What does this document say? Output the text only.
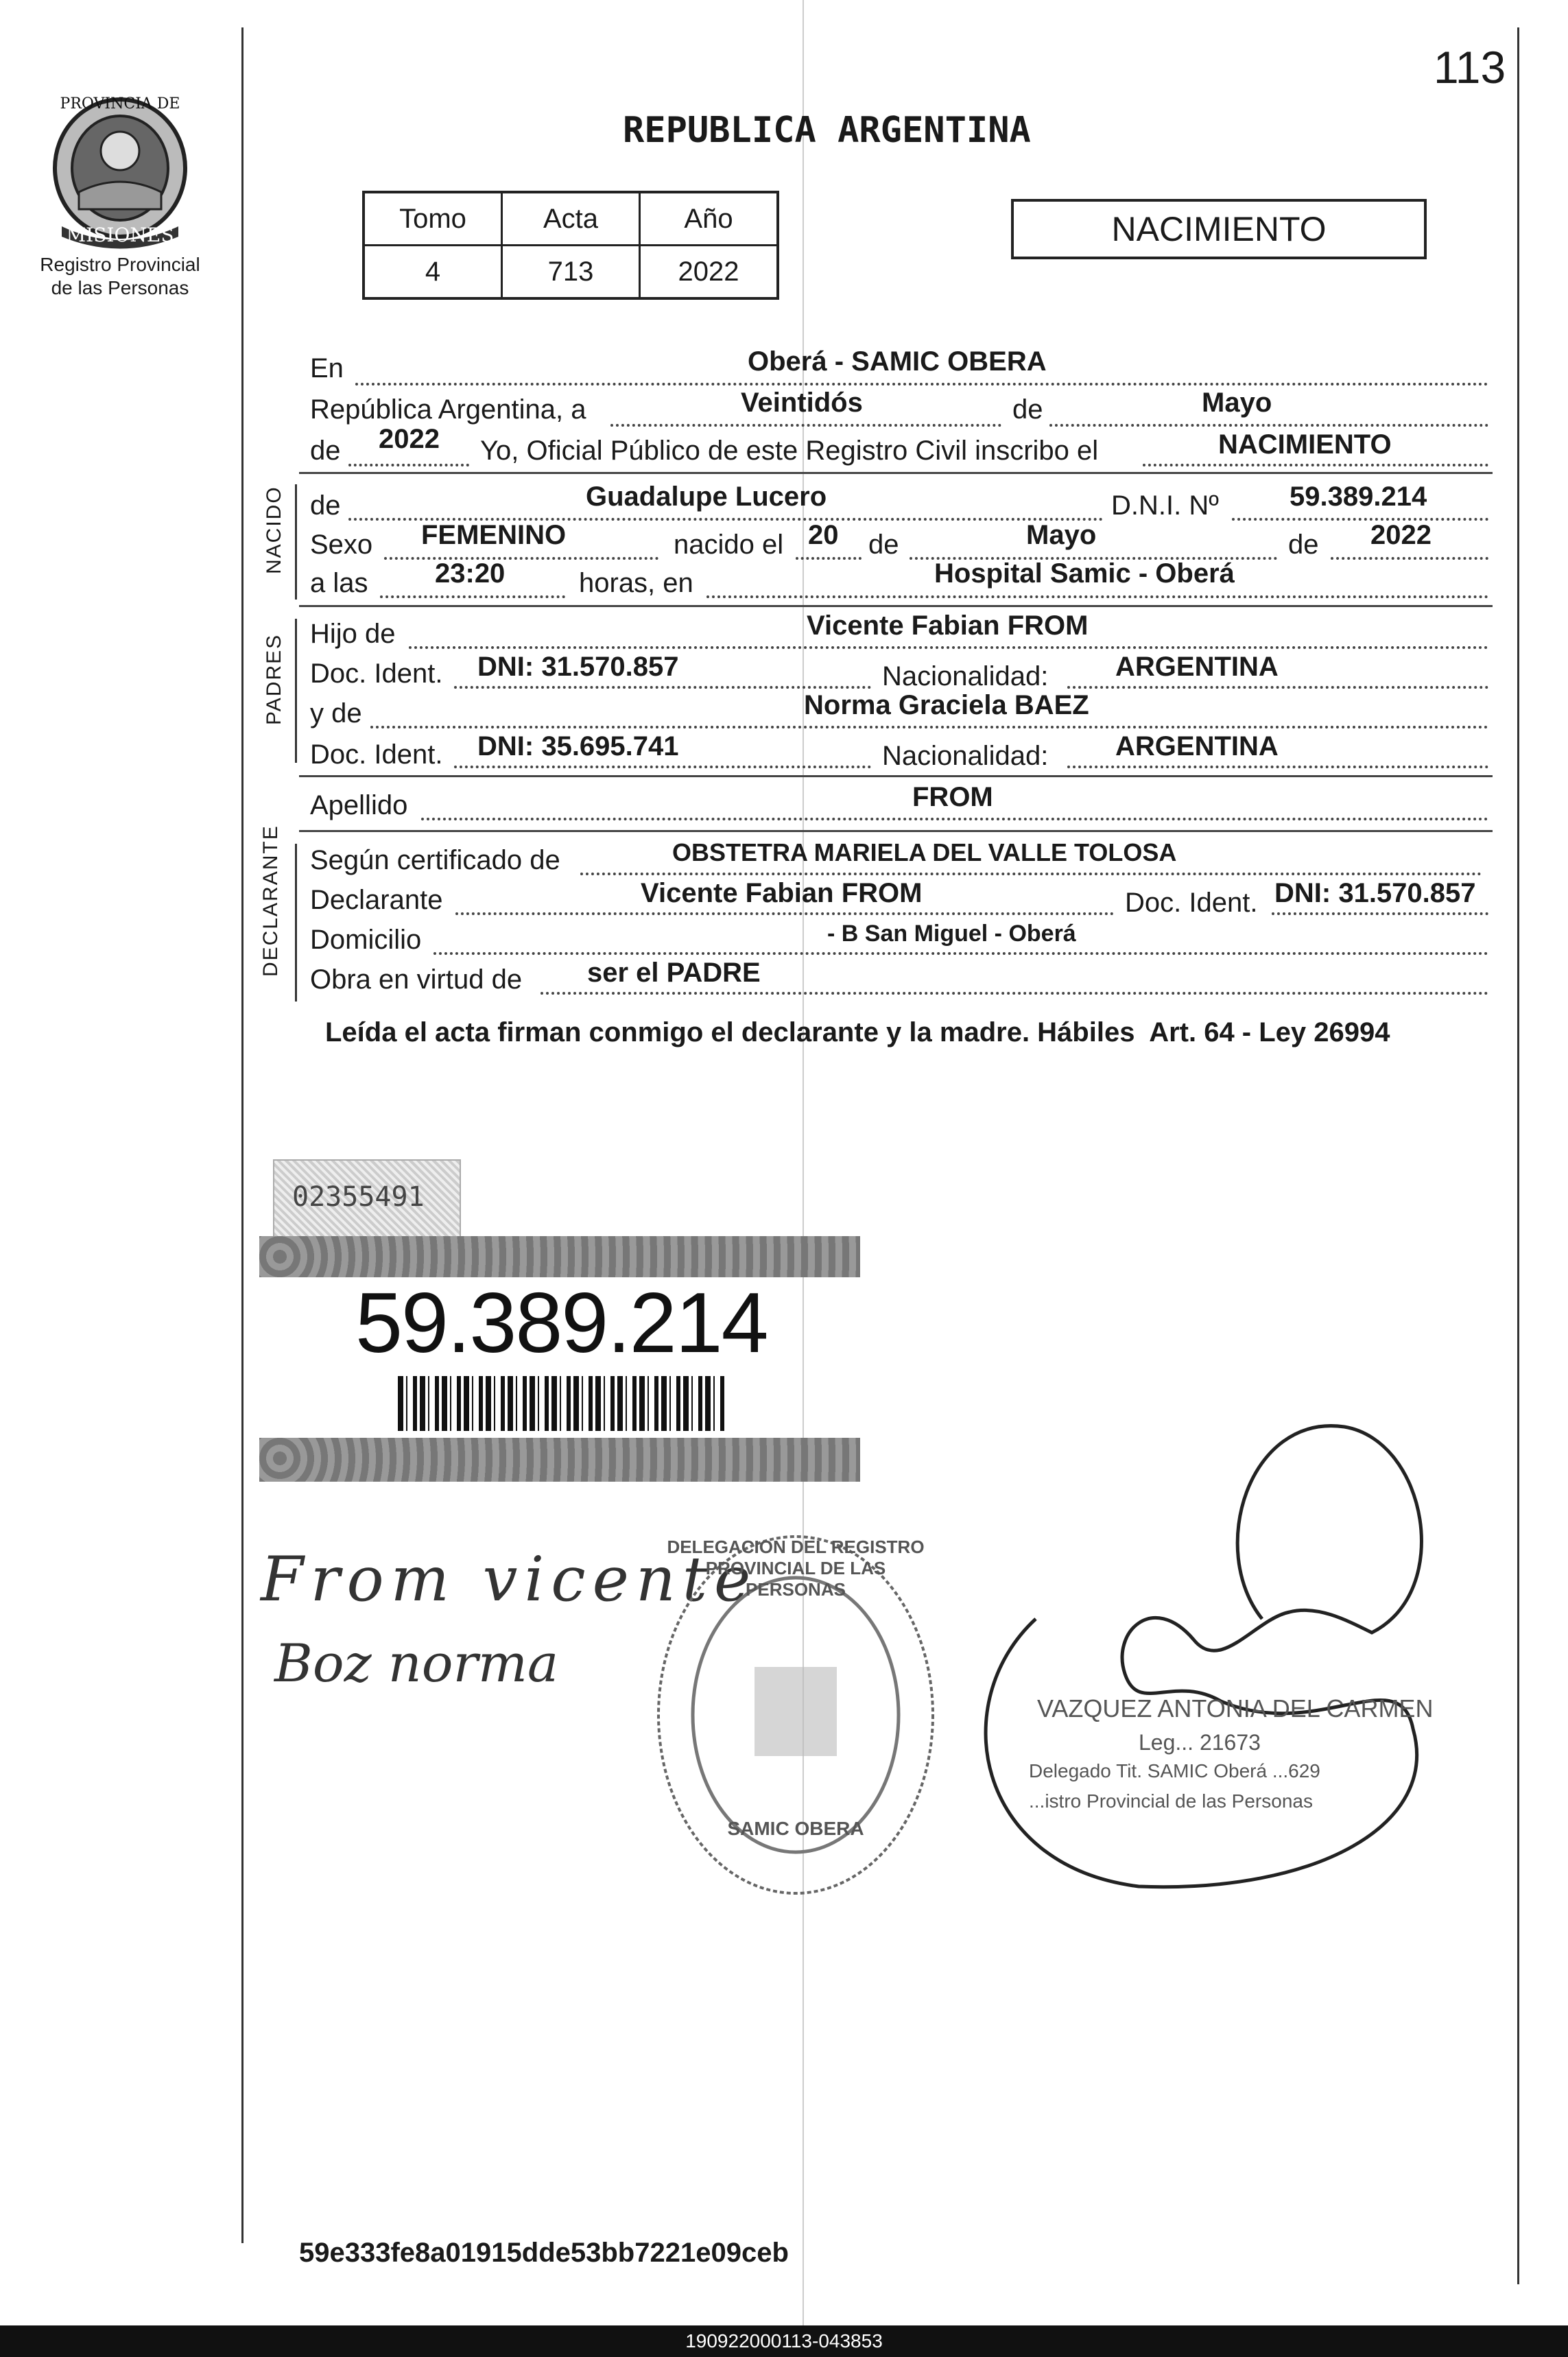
113
PROVINCIA DE
MISIONES
Registro Provincial
de las Personas
REPUBLICA ARGENTINA
Tomo	Acta	Año
4	713	2022
NACIMIENTO
En	Oberá - SAMIC OBERA
República Argentina, a	Veintidós	de	Mayo
de 2022 Yo, Oficial Público de este Registro Civil inscribo el	NACIMIENTO
NACIDO de	Guadalupe Lucero	D.N.I. Nº	59.389.214
Sexo FEMENINO	nacido el 20 de	Mayo	de 2022
a las 23:20	horas, en	Hospital Samic - Oberá
PADRES Hijo de	Vicente Fabian FROM
Doc. Ident. DNI: 31.570.857	Nacionalidad: ARGENTINA
y de	Norma Graciela BAEZ
Doc. Ident. DNI: 35.695.741	Nacionalidad: ARGENTINA
Apellido	FROM
DECLARANTE Según certificado de	OBSTETRA MARIELA DEL VALLE TOLOSA
Declarante	Vicente Fabian FROM	Doc. Ident. DNI: 31.570.857
Domicilio	- B San Miguel - Oberá
Obra en virtud de ser el PADRE
Leída el acta firman conmigo el declarante y la madre. Hábiles  Art. 64 - Ley 26994
02355491
59.389.214
From vicente
Boz norma
DELEGACION DEL REGISTRO PROVINCIAL DE LAS PERSONAS
SAMIC OBERA
VAZQUEZ ANTONIA DEL CARMEN
Leg... 21673
Delegado Tit. SAMIC Oberá ...629
...istro Provincial de las Personas
59e333fe8a01915dde53bb7221e09ceb
190922000113-043853
